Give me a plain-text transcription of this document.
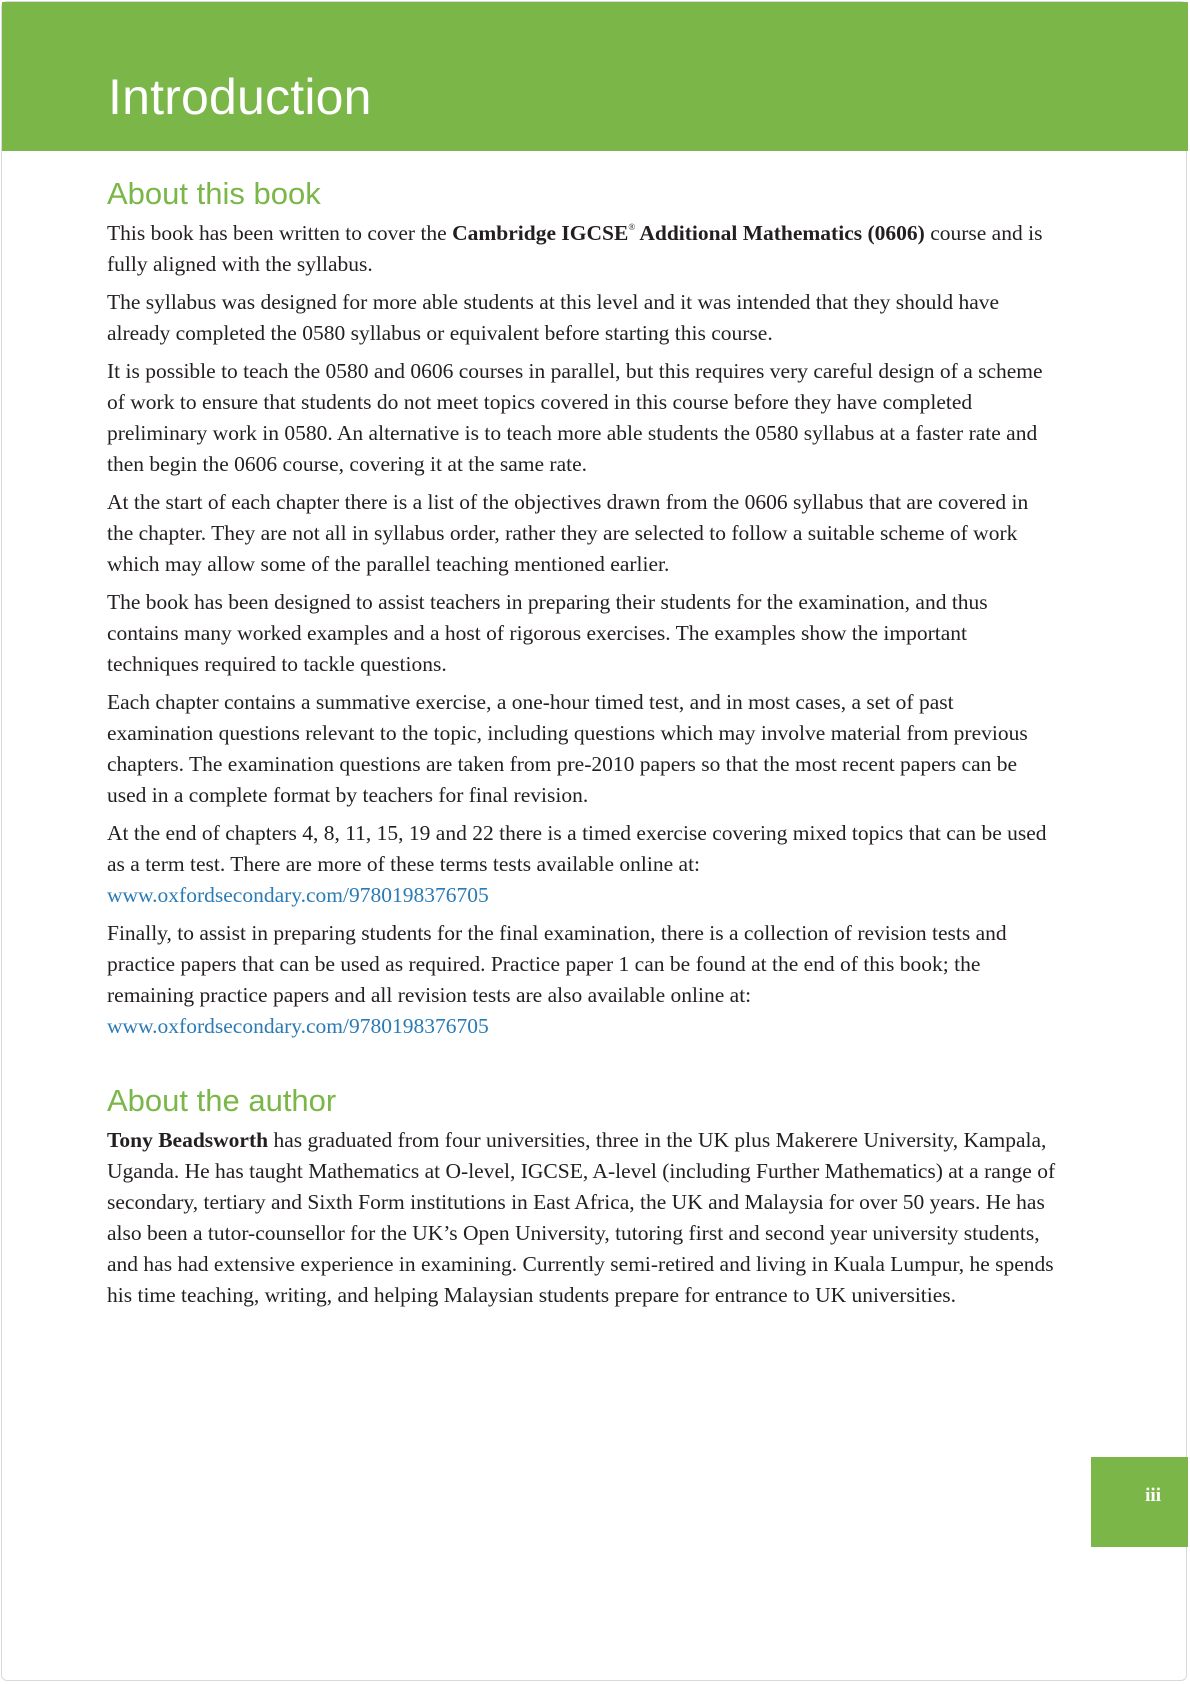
Introduction
About this book

This book has been written to cover the Cambridge IGCSE® Additional Mathematics (0606) course and is fully aligned with the syllabus.

The syllabus was designed for more able students at this level and it was intended that they should have already completed the 0580 syllabus or equivalent before starting this course.

It is possible to teach the 0580 and 0606 courses in parallel, but this requires very careful design of a scheme of work to ensure that students do not meet topics covered in this course before they have completed preliminary work in 0580. An alternative is to teach more able students the 0580 syllabus at a faster rate and then begin the 0606 course, covering it at the same rate.

At the start of each chapter there is a list of the objectives drawn from the 0606 syllabus that are covered in the chapter. They are not all in syllabus order, rather they are selected to follow a suitable scheme of work which may allow some of the parallel teaching mentioned earlier.

The book has been designed to assist teachers in preparing their students for the examination, and thus contains many worked examples and a host of rigorous exercises. The examples show the important techniques required to tackle questions.

Each chapter contains a summative exercise, a one-hour timed test, and in most cases, a set of past examination questions relevant to the topic, including questions which may involve material from previous chapters. The examination questions are taken from pre-2010 papers so that the most recent papers can be used in a complete format by teachers for final revision.

At the end of chapters 4, 8, 11, 15, 19 and 22 there is a timed exercise covering mixed topics that can be used as a term test. There are more of these terms tests available online at:
www.oxfordsecondary.com/9780198376705

Finally, to assist in preparing students for the final examination, there is a collection of revision tests and practice papers that can be used as required. Practice paper 1 can be found at the end of this book; the remaining practice papers and all revision tests are also available online at: www.oxfordsecondary.com/9780198376705

About the author

Tony Beadsworth has graduated from four universities, three in the UK plus Makerere University, Kampala, Uganda. He has taught Mathematics at O-level, IGCSE, A-level (including Further Mathematics) at a range of secondary, tertiary and Sixth Form institutions in East Africa, the UK and Malaysia for over 50 years. He has also been a tutor-counsellor for the UK’s Open University, tutoring first and second year university students, and has had extensive experience in examining. Currently semi-retired and living in Kuala Lumpur, he spends his time teaching, writing, and helping Malaysian students prepare for entrance to UK universities.

iii
